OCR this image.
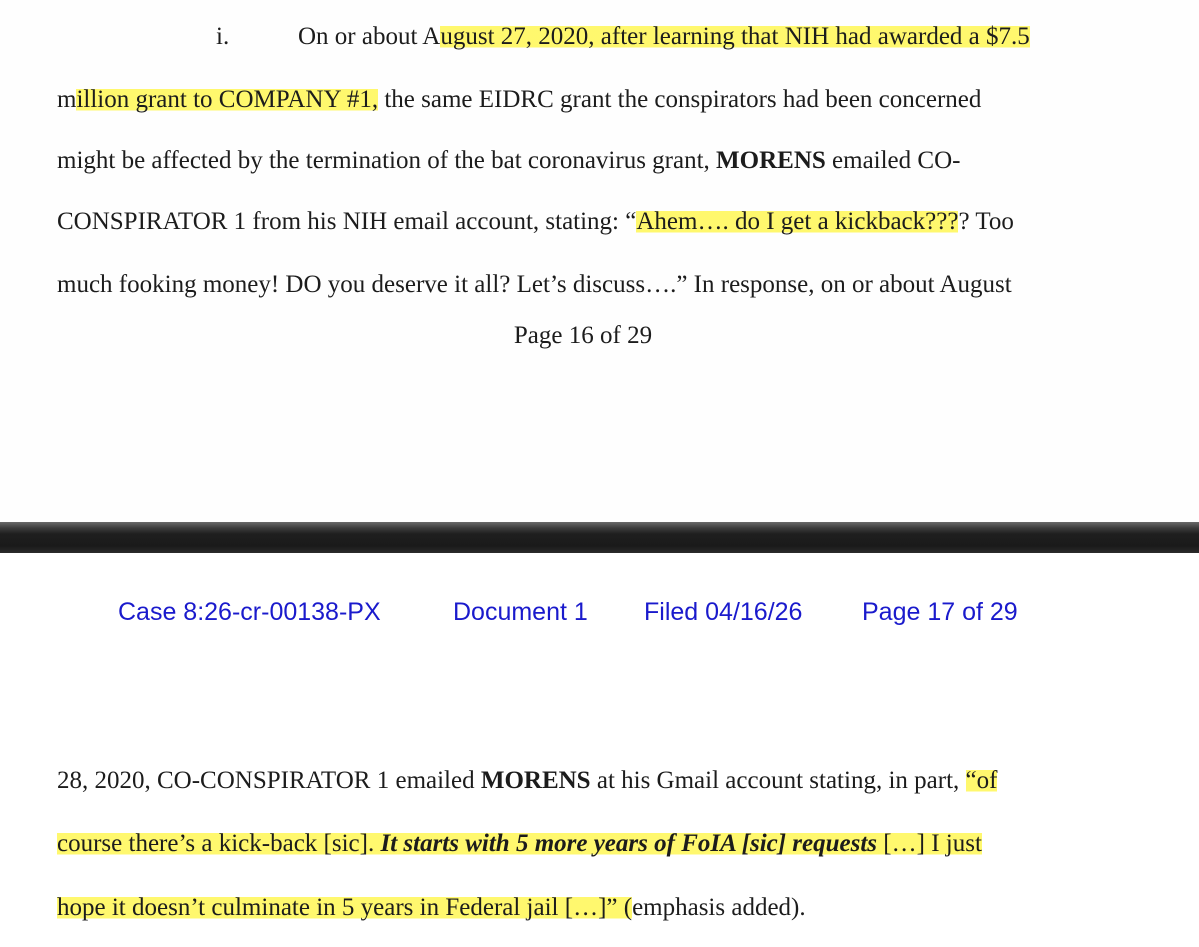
i.	On or about August 27, 2020, after learning that NIH had awarded a $7.5
million grant to COMPANY #1, the same EIDRC grant the conspirators had been concerned
might be affected by the termination of the bat coronavirus grant, MORENS emailed CO-
CONSPIRATOR 1 from his NIH email account, stating: “Ahem…. do I get a kickback???? Too
much fooking money! DO you deserve it all? Let’s discuss….” In response, on or about August
Page 16 of 29
Case 8:26-cr-00138-PX	Document 1 Filed 04/16/26 Page 17 of 29
28, 2020, CO-CONSPIRATOR 1 emailed MORENS at his Gmail account stating, in part, “of
course there’s a kick-back [sic]. It starts with 5 more years of FoIA [sic] requests […] I just
hope it doesn’t culminate in 5 years in Federal jail […]” (emphasis added).
